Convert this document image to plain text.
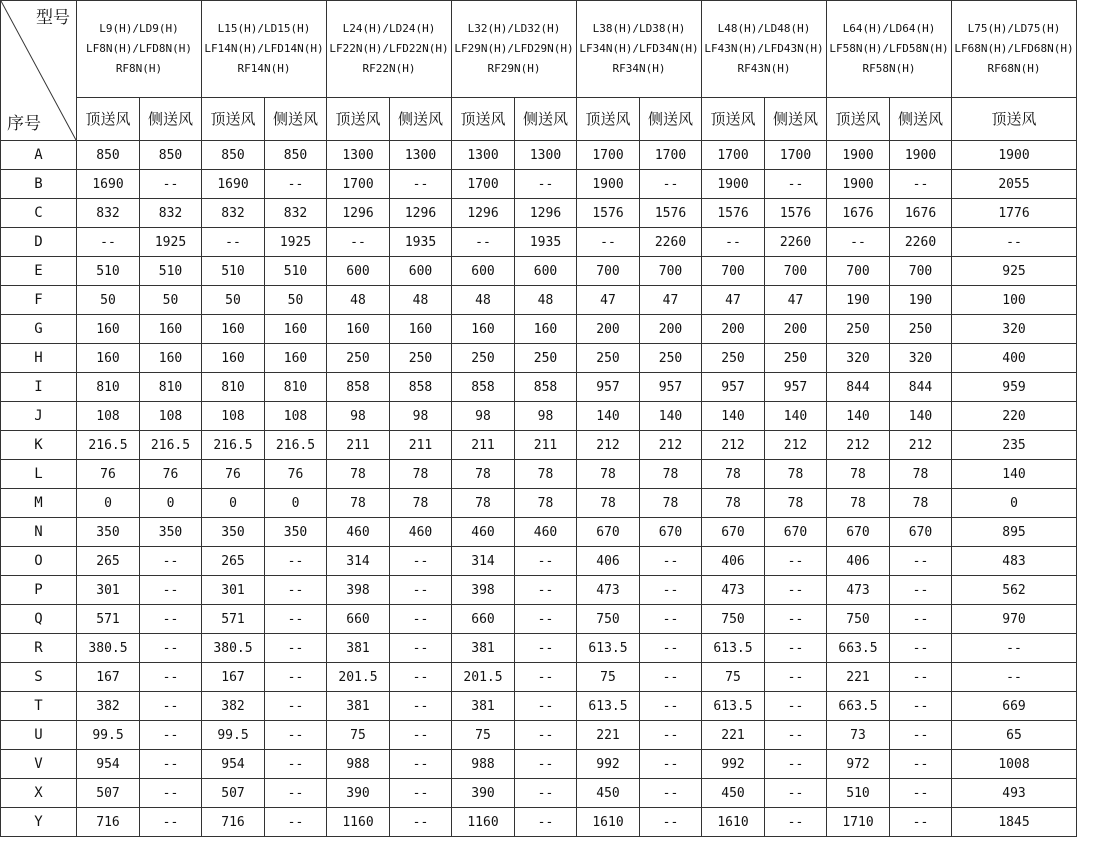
型号
序号	L9(H)/LD9(H)
LF8N(H)/LFD8N(H)
RF8N(H)		L15(H)/LD15(H)
LF14N(H)/LFD14N(H)
RF14N(H)		L24(H)/LD24(H)
LF22N(H)/LFD22N(H)
RF22N(H)		L32(H)/LD32(H)
LF29N(H)/LFD29N(H)
RF29N(H)		L38(H)/LD38(H)
LF34N(H)/LFD34N(H)
RF34N(H)		L48(H)/LD48(H)
LF43N(H)/LFD43N(H)
RF43N(H)		L64(H)/LD64(H)
LF58N(H)/LFD58N(H)
RF58N(H)		L75(H)/LD75(H)
LF68N(H)/LFD68N(H)
RF68N(H)

	顶送风	侧送风	顶送风	侧送风	顶送风	侧送风	顶送风	侧送风	顶送风	侧送风	顶送风	侧送风	顶送风	侧送风	顶送风
A	850	850	850	850	1300	1300	1300	1300	1700	1700	1700	1700	1900	1900	1900
B	1690	--	1690	--	1700	--	1700	--	1900	--	1900	--	1900	--	2055
C	832	832	832	832	1296	1296	1296	1296	1576	1576	1576	1576	1676	1676	1776
D	--	1925	--	1925	--	1935	--	1935	--	2260	--	2260	--	2260	--
E	510	510	510	510	600	600	600	600	700	700	700	700	700	700	925
F	50	50	50	50	48	48	48	48	47	47	47	47	190	190	100
G	160	160	160	160	160	160	160	160	200	200	200	200	250	250	320
H	160	160	160	160	250	250	250	250	250	250	250	250	320	320	400
I	810	810	810	810	858	858	858	858	957	957	957	957	844	844	959
J	108	108	108	108	98	98	98	98	140	140	140	140	140	140	220
K	216.5	216.5	216.5	216.5	211	211	211	211	212	212	212	212	212	212	235
L	76	76	76	76	78	78	78	78	78	78	78	78	78	78	140
M	0	0	0	0	78	78	78	78	78	78	78	78	78	78	0
N	350	350	350	350	460	460	460	460	670	670	670	670	670	670	895
O	265	--	265	--	314	--	314	--	406	--	406	--	406	--	483
P	301	--	301	--	398	--	398	--	473	--	473	--	473	--	562
Q	571	--	571	--	660	--	660	--	750	--	750	--	750	--	970
R	380.5	--	380.5	--	381	--	381	--	613.5	--	613.5	--	663.5	--	--
S	167	--	167	--	201.5	--	201.5	--	75	--	75	--	221	--	--
T	382	--	382	--	381	--	381	--	613.5	--	613.5	--	663.5	--	669
U	99.5	--	99.5	--	75	--	75	--	221	--	221	--	73	--	65
V	954	--	954	--	988	--	988	--	992	--	992	--	972	--	1008
X	507	--	507	--	390	--	390	--	450	--	450	--	510	--	493
Y	716	--	716	--	1160	--	1160	--	1610	--	1610	--	1710	--	1845
